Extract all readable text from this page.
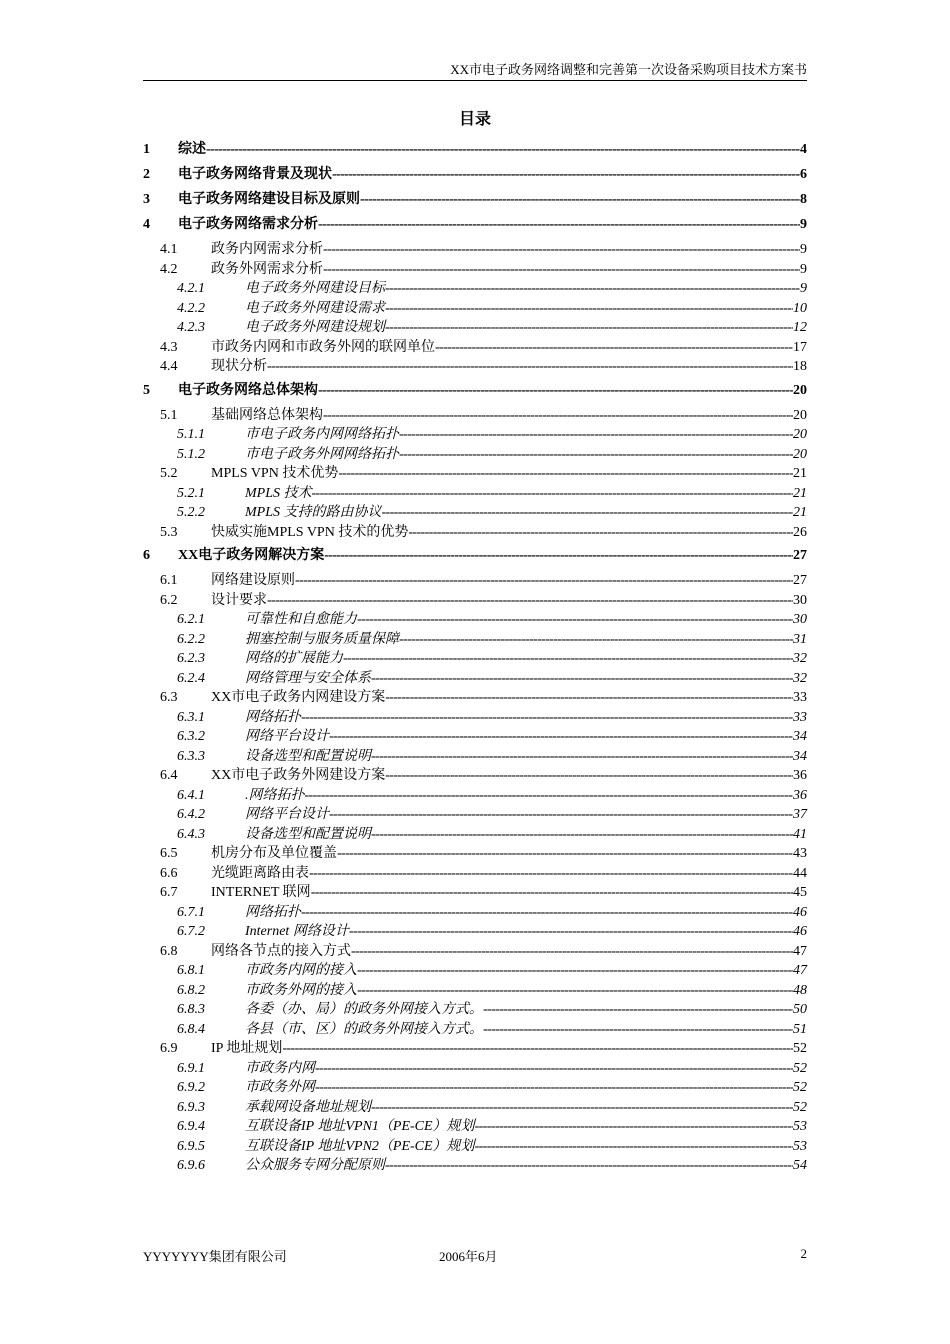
XX市电子政务网络调整和完善第一次设备采购项目技术方案书
目录
1	综述 -----	4
2	电子政务网络背景及现状 -----	6
3	电子政务网络建设目标及原则 -----	8
4	电子政务网络需求分析 -----	9
4.1	政务内网需求分析 -----	9
4.2	政务外网需求分析 -----	9
4.2.1	电子政务外网建设目标 -----	9
4.2.2	电子政务外网建设需求 -----	10
4.2.3	电子政务外网建设规划 -----	12
4.3	市政务内网和市政务外网的联网单位 -----	17
4.4	现状分析 -----	18
5	电子政务网络总体架构 -----	20
5.1	基础网络总体架构 -----	20
5.1.1	市电子政务内网网络拓扑 -----	20
5.1.2	市电子政务外网网络拓扑 -----	20
5.2	MPLS VPN 技术优势 -----	21
5.2.1	MPLS 技术 -----	21
5.2.2	MPLS 支持的路由协议 -----	21
5.3	快威实施MPLS VPN 技术的优势 -----	26
6	XX电子政务网解决方案 -----	27
6.1	网络建设原则 -----	27
6.2	设计要求 -----	30
6.2.1	可靠性和自愈能力 -----	30
6.2.2	拥塞控制与服务质量保障 -----	31
6.2.3	网络的扩展能力 -----	32
6.2.4	网络管理与安全体系 -----	32
6.3	XX市电子政务内网建设方案 -----	33
6.3.1	网络拓扑 -----	33
6.3.2	网络平台设计 -----	34
6.3.3	设备选型和配置说明 -----	34
6.4	XX市电子政务外网建设方案 -----	36
6.4.1	.网络拓扑 -----	36
6.4.2	网络平台设计 -----	37
6.4.3	设备选型和配置说明 -----	41
6.5	机房分布及单位覆盖 -----	43
6.6	光缆距离路由表 -----	44
6.7	INTERNET 联网 -----	45
6.7.1	网络拓扑 -----	46
6.7.2	Internet 网络设计 -----	46
6.8	网络各节点的接入方式 -----	47
6.8.1	市政务内网的接入 -----	47
6.8.2	市政务外网的接入 -----	48
6.8.3	各委（办、局）的政务外网接入方式。 -----	50
6.8.4	各县（市、区）的政务外网接入方式。 -----	51
6.9	IP 地址规划 -----	52
6.9.1	市政务内网 -----	52
6.9.2	市政务外网 -----	52
6.9.3	承载网设备地址规划 -----	52
6.9.4	互联设备IP 地址VPN1（PE-CE）规划 -----	53
6.9.5	互联设备IP 地址VPN2（PE-CE）规划 -----	53
6.9.6	公众服务专网分配原则 -----	54
YYYYYYY集团有限公司	2006年6月	2
